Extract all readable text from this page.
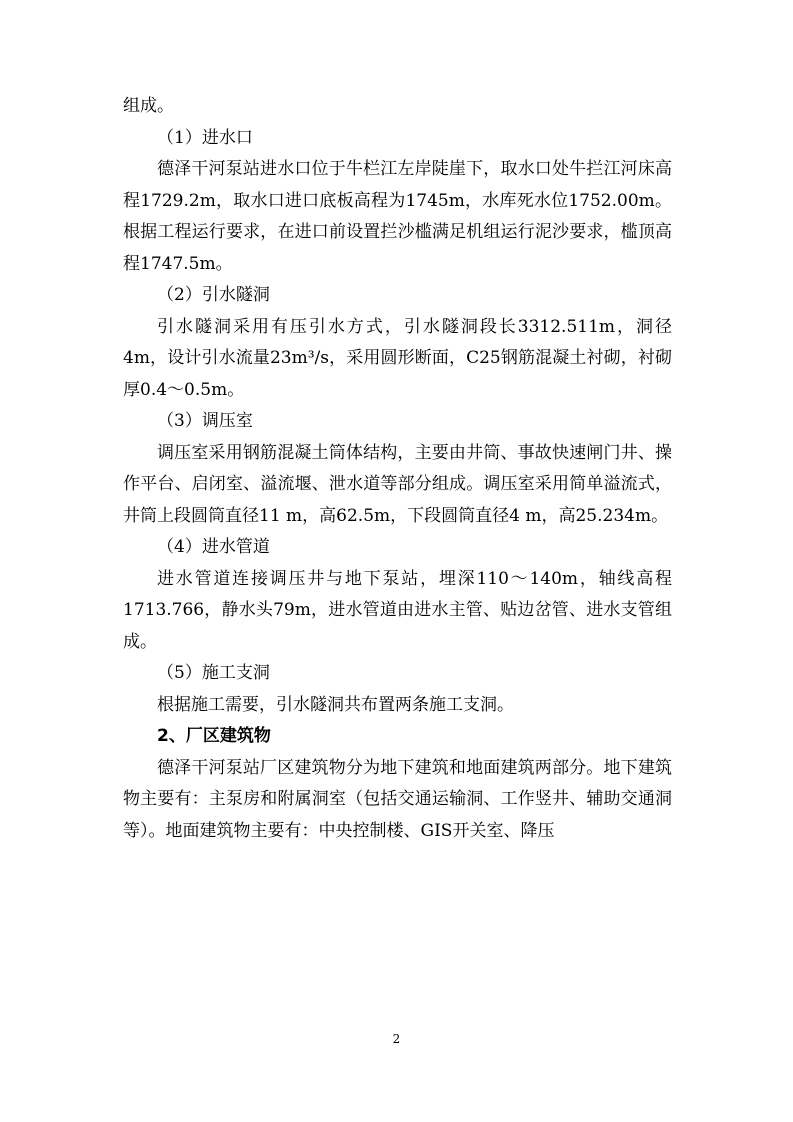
组成。

（1）进水口

德泽干河泵站进水口位于牛栏江左岸陡崖下，取水口处牛拦江河床高程1729.2m，取水口进口底板高程为1745m，水库死水位1752.00m。根据工程运行要求，在进口前设置拦沙槛满足机组运行泥沙要求，槛顶高程1747.5m。

（2）引水隧洞

引水隧洞采用有压引水方式，引水隧洞段长3312.511m，洞径4m，设计引水流量23m³/s，采用圆形断面，C25钢筋混凝土衬砌，衬砌厚0.4～0.5m。

（3）调压室

调压室采用钢筋混凝土筒体结构，主要由井筒、事故快速闸门井、操作平台、启闭室、溢流堰、泄水道等部分组成。调压室采用简单溢流式，井筒上段圆筒直径11 m，高62.5m，下段圆筒直径4 m，高25.234m。

（4）进水管道

进水管道连接调压井与地下泵站，埋深110～140m，轴线高程1713.766，静水头79m，进水管道由进水主管、贴边岔管、进水支管组成。

（5）施工支洞

根据施工需要，引水隧洞共布置两条施工支洞。

2、厂区建筑物

德泽干河泵站厂区建筑物分为地下建筑和地面建筑两部分。地下建筑物主要有：主泵房和附属洞室（包括交通运输洞、工作竖井、辅助交通洞等）。地面建筑物主要有：中央控制楼、GIS开关室、降压

2
